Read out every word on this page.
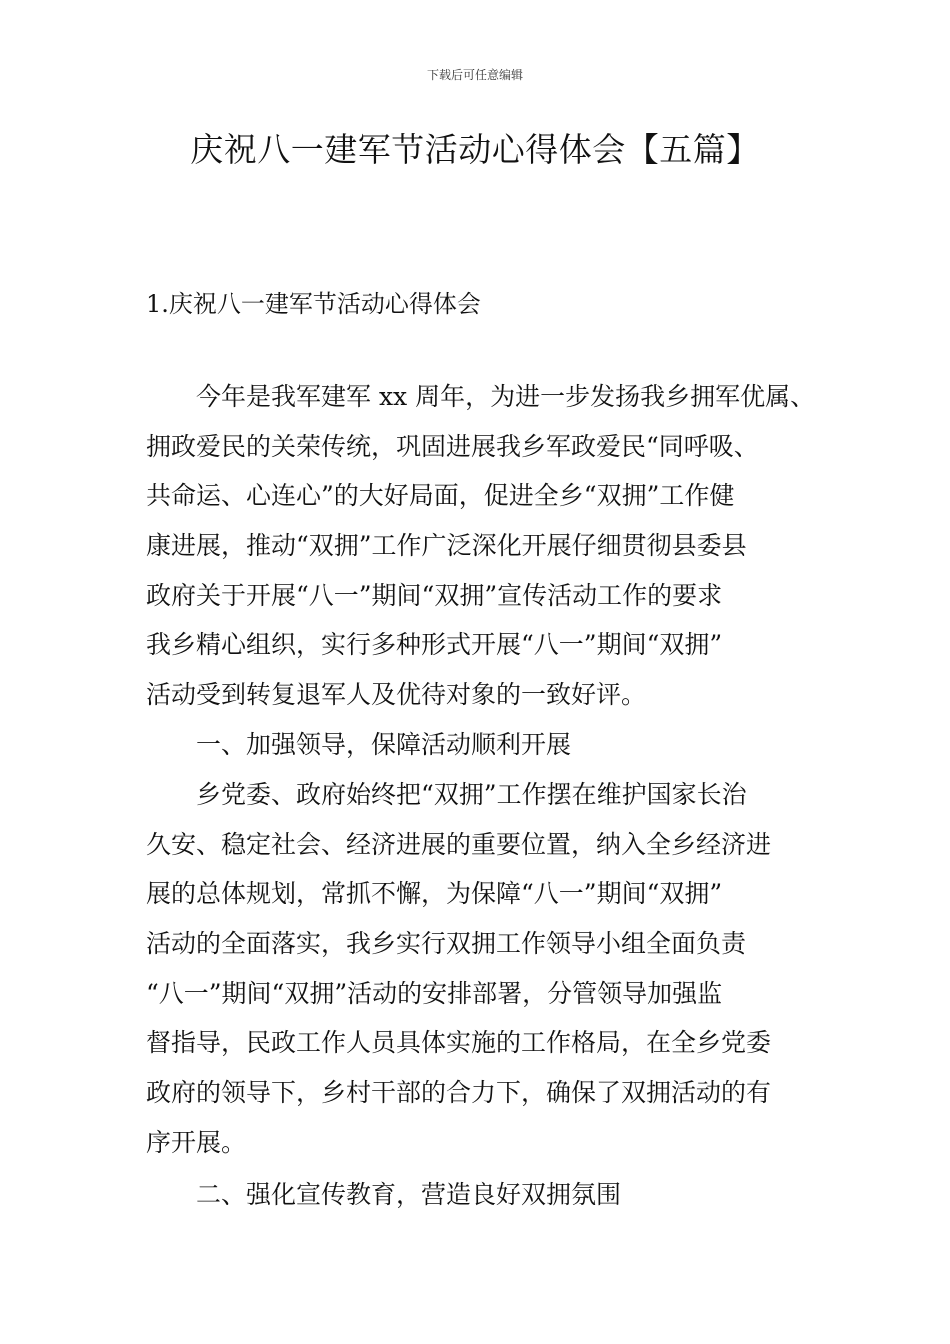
下载后可任意编辑
庆祝八一建军节活动心得体会【五篇】
1.庆祝八一建军节活动心得体会
今年是我军建军 xx 周年，为进一步发扬我乡拥军优属、
拥政爱民的关荣传统，巩固进展我乡军政爱民“同呼吸、
共命运、心连心”的大好局面，促进全乡“双拥”工作健
康进展，推动“双拥”工作广泛深化开展仔细贯彻县委县
政府关于开展“八一”期间“双拥”宣传活动工作的要求
我乡精心组织，实行多种形式开展“八一”期间“双拥”
活动受到转复退军人及优待对象的一致好评。
一、加强领导，保障活动顺利开展
乡党委、政府始终把“双拥”工作摆在维护国家长治
久安、稳定社会、经济进展的重要位置，纳入全乡经济进
展的总体规划，常抓不懈，为保障“八一”期间“双拥”
活动的全面落实，我乡实行双拥工作领导小组全面负责
“八一”期间“双拥”活动的安排部署，分管领导加强监
督指导，民政工作人员具体实施的工作格局，在全乡党委
政府的领导下，乡村干部的合力下，确保了双拥活动的有
序开展。
二、强化宣传教育，营造良好双拥氛围
